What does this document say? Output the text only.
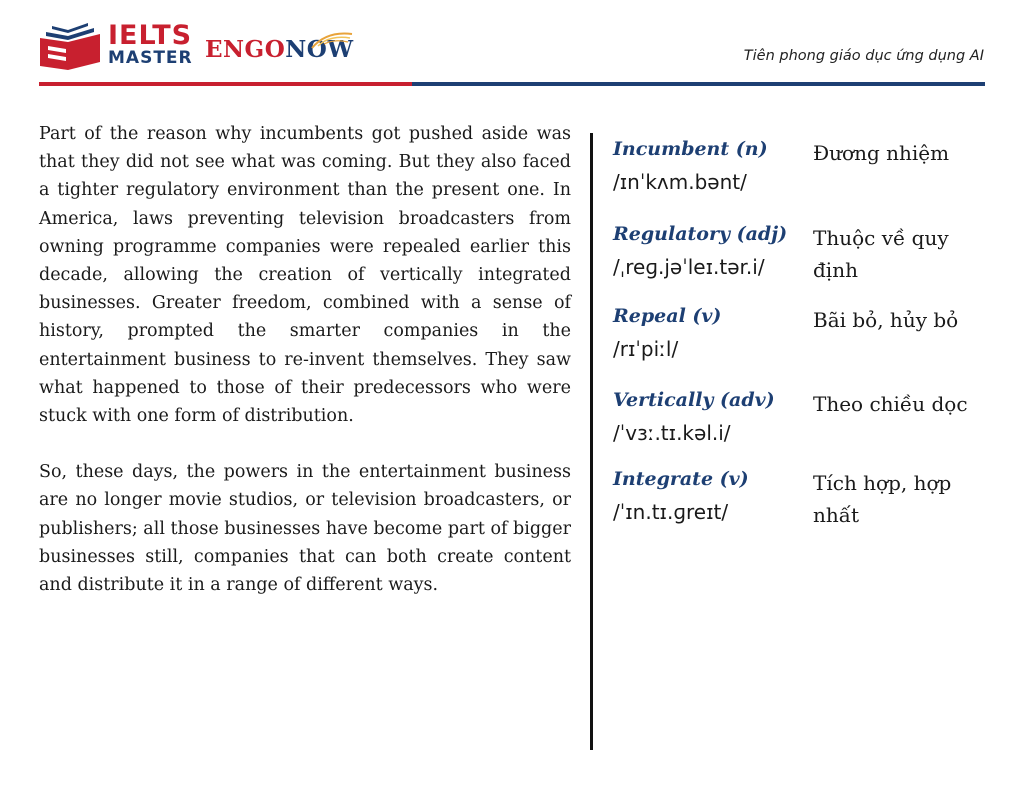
IELTS
MASTER ENGONOW	Tiên phong giáo dục ứng dụng AI

Part of the reason why incumbents got pushed aside was that they did not see what was coming. But they also faced a tighter regulatory environment than the present one. In America, laws preventing television broadcasters from owning programme companies were repealed earlier this decade, allowing the creation of vertically integrated businesses. Greater freedom, combined with a sense of history, prompted the smarter companies in the entertainment business to re-invent themselves. They saw what happened to those of their predecessors who were stuck with one form of distribution.

So, these days, the powers in the entertainment business are no longer movie studios, or television broadcasters, or publishers; all those businesses have become part of bigger businesses still, companies that can both create content and distribute it in a range of different ways.

Incumbent (n)
/ɪnˈkʌm.bənt/
Đương nhiệm
Regulatory (adj)
/ˌreɡ.jəˈleɪ.tər.i/
Thuộc về quy định
Repeal (v)
/rɪˈpiːl/
Bãi bỏ, hủy bỏ
Vertically (adv)
/ˈvɜː.tɪ.kəl.i/
Theo chiều dọc
Integrate (v)
/ˈɪn.tɪ.ɡreɪt/
Tích hợp, hợp nhất
